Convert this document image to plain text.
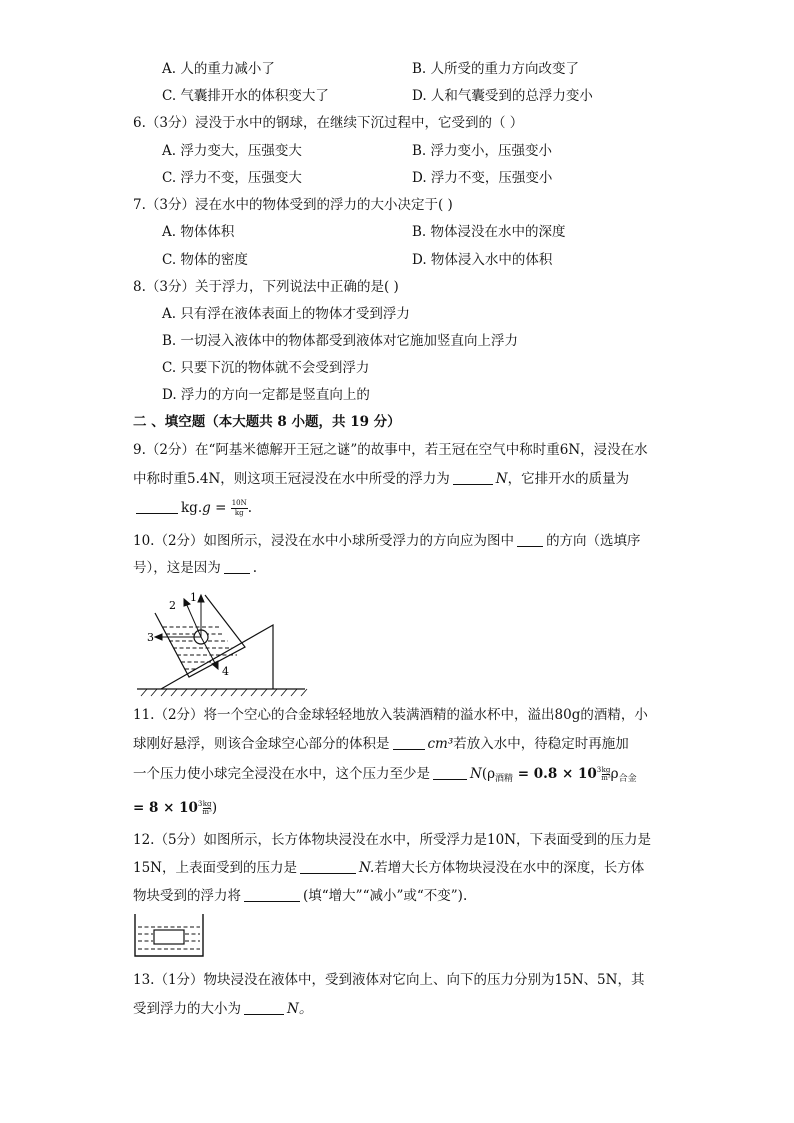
A. 人的重力减小了	B. 人所受的重力方向改变了
C. 气囊排开水的体积变大了	D. 人和气囊受到的总浮力变小
6.（3分）浸没于水中的钢球，在继续下沉过程中，它受到的（ ）
A. 浮力变大，压强变大	B. 浮力变小，压强变小
C. 浮力不变，压强变大	D. 浮力不变，压强变小
7.（3分）浸在水中的物体受到的浮力的大小决定于( )
A. 物体体积	B. 物体浸没在水中的深度
C. 物体的密度	D. 物体浸入水中的体积
8.（3分）关于浮力，下列说法中正确的是( )
A. 只有浮在液体表面上的物体才受到浮力
B. 一切浸入液体中的物体都受到液体对它施加竖直向上浮力
C. 只要下沉的物体就不会受到浮力
D. 浮力的方向一定都是竖直向上的
二 、填空题（本大题共 8 小题，共 19 分）
9.（2分）在“阿基米德解开王冠之谜”的故事中，若王冠在空气中称时重6N，浸没在水
中称时重5.4N，则这项王冠浸没在水中所受的浮力为	N，它排开水的质量为
$kg.g = \frac{10N}{kg}$ .
10.（2分）如图所示，浸没在水中小球所受浮力的方向应为图中 的方向（选填序
号），这是因为 .
1
2
3
4
11.（2分）将一个空心的合金球轻轻地放入装满酒精的溢水杯中，溢出80g的酒精，小
球刚好悬浮，则该合金球空心部分的体积是	cm³若放入水中，待稳定时再施加
一个压力使小球完全浸没在水中，这个压力至少是	$N(\rho_{酒精} = 0.8 \times 10$ $3 \frac{kg}{\text{m³}} \rho_{合金}$
= 8 × 10 $3 \frac{kg}{\text{m³}}$ )
12.（5分）如图所示，长方体物块浸没在水中，所受浮力是10N，下表面受到的压力是
15N，上表面受到的压力是	N.若增大长方体物块浸没在水中的深度，长方体
物块受到的浮力将	(填“增大”“减小”或“不变”).
13.（1分）物块浸没在液体中，受到液体对它向上、向下的压力分别为15N、5N，其
受到浮力的大小为	N。
